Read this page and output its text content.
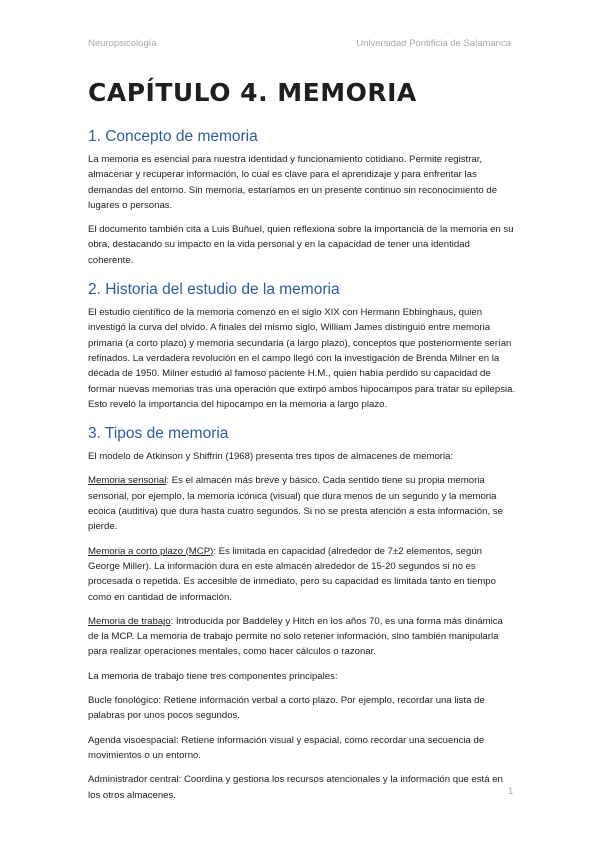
Neuropsicología	Universidad Pontificia de Salamanca
CAPÍTULO 4. MEMORIA
1. Concepto de memoria

La memoria es esencial para nuestra identidad y funcionamiento cotidiano. Permite registrar, almacenar y recuperar información, lo cual es clave para el aprendizaje y para enfrentar las demandas del entorno. Sin memoria, estaríamos en un presente continuo sin reconocimiento de lugares o personas.

El documento también cita a Luis Buñuel, quien reflexiona sobre la importancia de la memoria en su obra, destacando su impacto en la vida personal y en la capacidad de tener una identidad coherente.

2. Historia del estudio de la memoria

El estudio científico de la memoria comenzó en el siglo XIX con Hermann Ebbinghaus, quien investigó la curva del olvido. A finales del mismo siglo, William James distinguió entre memoria primaria (a corto plazo) y memoria secundaria (a largo plazo), conceptos que posteriormente serían refinados. La verdadera revolución en el campo llegó con la investigación de Brenda Milner en la década de 1950. Milner estudió al famoso paciente H.M., quien había perdido su capacidad de formar nuevas memorias tras una operación que extirpó ambos hipocampos para tratar su epilepsia. Esto reveló la importancia del hipocampo en la memoria a largo plazo.

3. Tipos de memoria

El modelo de Atkinson y Shiffrin (1968) presenta tres tipos de almacenes de memoria:

Memoria sensorial: Es el almacén más breve y básico. Cada sentido tiene su propia memoria sensorial, por ejemplo, la memoria icónica (visual) que dura menos de un segundo y la memoria ecoica (auditiva) que dura hasta cuatro segundos. Si no se presta atención a esta información, se pierde.

Memoria a corto plazo (MCP): Es limitada en capacidad (alrededor de 7±2 elementos, según George Miller). La información dura en este almacén alrededor de 15-20 segundos si no es procesada o repetida. Es accesible de inmediato, pero su capacidad es limitada tanto en tiempo como en cantidad de información.

Memoria de trabajo: Introducida por Baddeley y Hitch en los años 70, es una forma más dinámica de la MCP. La memoria de trabajo permite no solo retener información, sino también manipularla para realizar operaciones mentales, como hacer cálculos o razonar.

La memoria de trabajo tiene tres componentes principales:

Bucle fonológico: Retiene información verbal a corto plazo. Por ejemplo, recordar una lista de palabras por unos pocos segundos.

Agenda visoespacial: Retiene información visual y espacial, como recordar una secuencia de movimientos o un entorno.

Administrador central: Coordina y gestiona los recursos atencionales y la información que está en los otros almacenes.	1
